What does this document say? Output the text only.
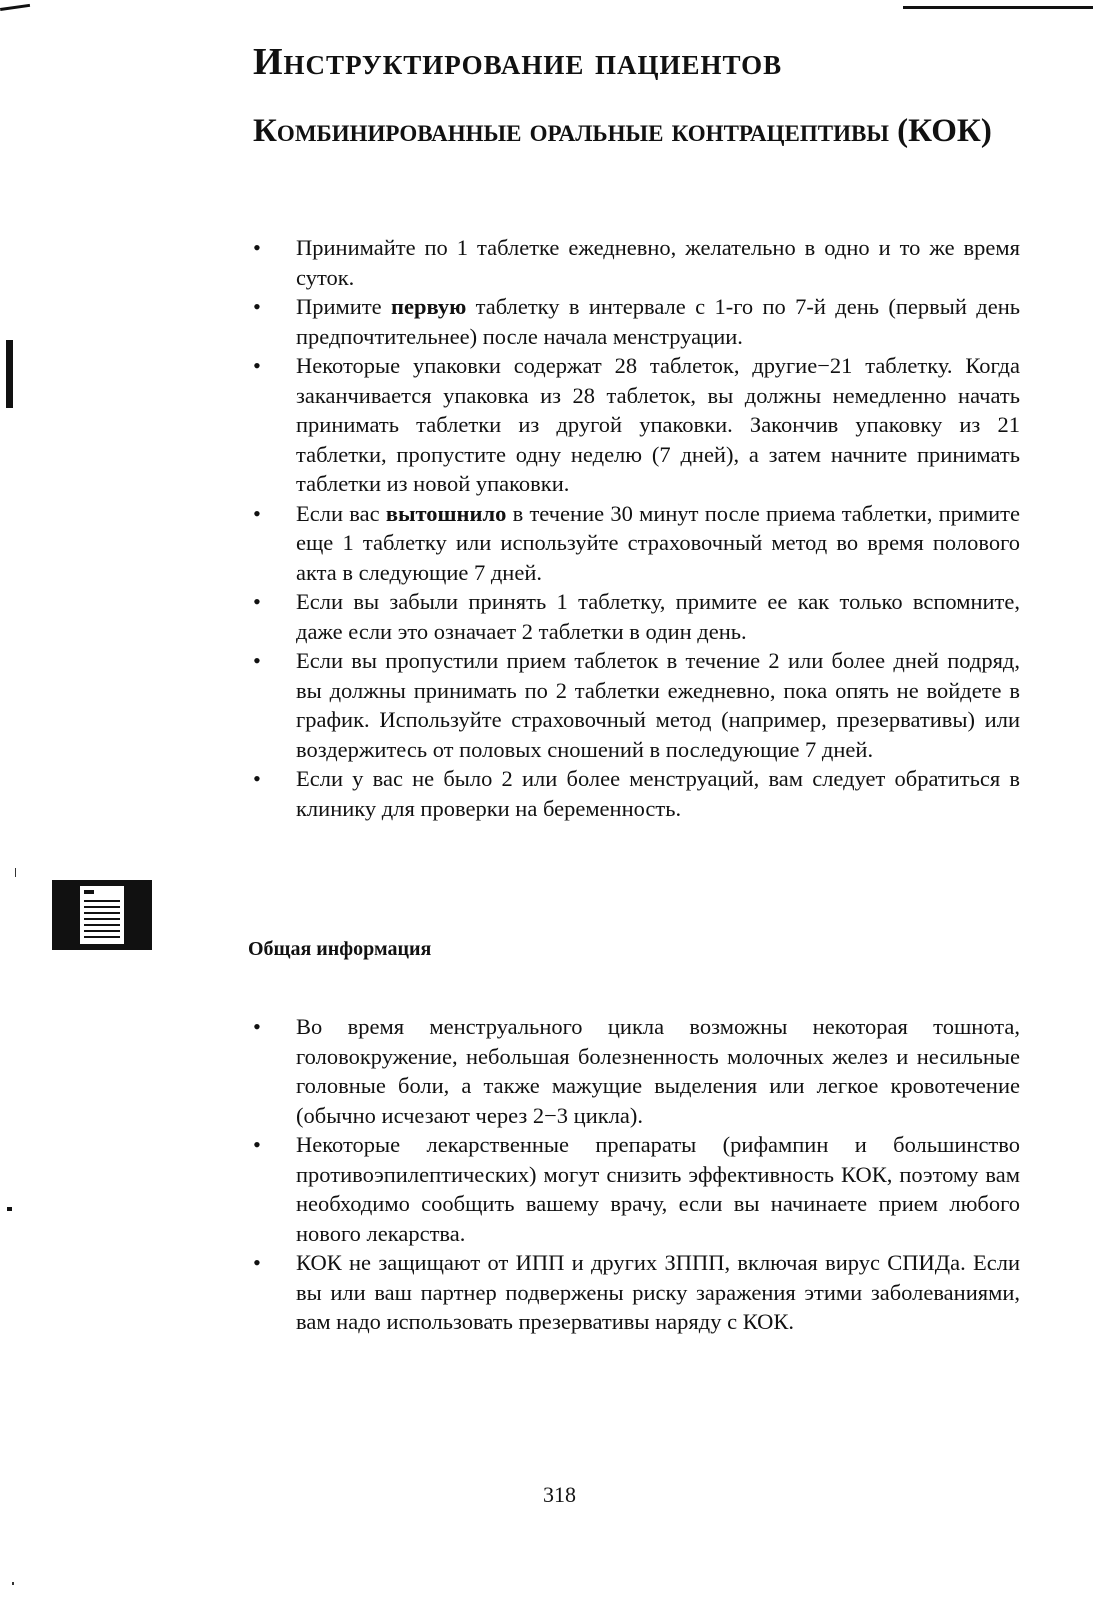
Инструктирование пациентов
Комбинированные оральные контрацептивы (КОК)
• Принимайте по 1 таблетке ежедневно, желательно в одно и то же время суток.
• Примите первую таблетку в интервале с 1-го по 7-й день (первый день предпочтительнее) после начала менструации.
• Некоторые упаковки содержат 28 таблеток, другие−21 таблетку. Когда заканчивается упаковка из 28 таблеток, вы должны немедленно начать принимать таблетки из другой упаковки. Закончив упаковку из 21 таблетки, пропустите одну неделю (7 дней), а затем начните принимать таблетки из новой упаковки.
• Если вас вытошнило в течение 30 минут после приема таблетки, примите еще 1 таблетку или используйте страховочный метод во время полового акта в следующие 7 дней.
• Если вы забыли принять 1 таблетку, примите ее как только вспомните, даже если это означает 2 таблетки в один день.
• Если вы пропустили прием таблеток в течение 2 или более дней подряд, вы должны принимать по 2 таблетки ежедневно, пока опять не войдете в график. Используйте страховочный метод (например, презервативы) или воздержитесь от половых сношений в последующие 7 дней.
• Если у вас не было 2 или более менструаций, вам следует обратиться в клинику для проверки на беременность.
Общая информация
• Во время менструального цикла возможны некоторая тошнота, головокружение, небольшая болезненность молочных желез и несильные головные боли, а также мажущие выделения или легкое кровотечение (обычно исчезают через 2−3 цикла).
• Некоторые лекарственные препараты (рифампин и большинство противоэпилептических) могут снизить эффективность КОК, поэтому вам необходимо сообщить вашему врачу, если вы начинаете прием любого нового лекарства.
• КОК не защищают от ИПП и других ЗППП, включая вирус СПИДа. Если вы или ваш партнер подвержены риску заражения этими заболеваниями, вам надо использовать презервативы наряду с КОК.
318
